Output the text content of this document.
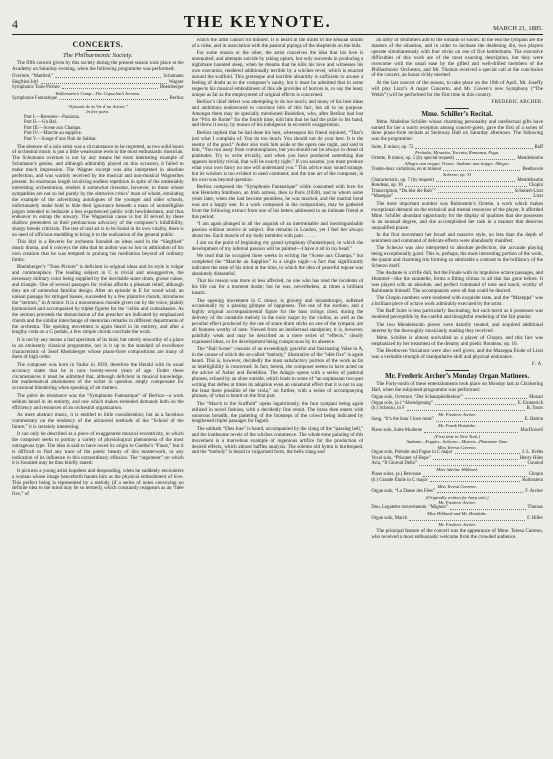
4	THE KEYNOTE.	MARCH 21, 1885.
CONCERTS.
The Philharmonic Society.

The fifth concert given by this society during the present season took place at the Academy on Saturday evening, when the following programme was performed:

Overture, “Manfred,”	Schumann
Siegfried Idyl	Wagner
Symphonic Tone-Picture	Rheinberger
Wallenstein’s Camp—The Capuchin’s Sermon.
Symphonie Fantastique	Berlioz
“Episode de la Vie d’un Artiste.”
In five parts.
Part I.—Reveries—Passions.
Part II.—Un Bal.
Part III.—Scene aux Champs.
Part IV.—Marche au supplice.
Part V.—Songe d’une Nuit de Sabbat.

The absence of a solo artist was a circumstance to be regretted, as two solid hours of orchestral music is just a little wearisome even to the most enthusiastic musician. The Schumann overture is not by any means the most interesting example of Schumann’s genius, and although admirably played on this occasion, it failed to make much impression. The Wagner excerpt was also interpreted in absolute perfection, and was warmly received by the musical and non-musical Wagnerites present. Its enormous length involving endless repetition in spite of the undeniably interesting orchestration, renders it somewhat tiresome, however, to those whose sympathies are not so led purely by the obtrusive critics’ most of whom, emulating the example of the advertising autologues of the younger and older schools, unfortunately make bold to hide their ignorance beneath a mass of unintelligible jargon intended to bedazzle a less experienced public with bewilderment, and thus endeavor to entrap the unwary. The Wagnerian cause is but ill served by these shallow pretenders as their pertinacious advocacy of the composer’s infallibility, sharpy breeds criticism. The test of real art is to be found in its own vitality, there is no need of officious meddling to bring it to the realization of the general public.

This Idyl is a Reverie for orchestra founded on ideas used in the “Siegfried” music drama, and it conveys the idea that its author was so lost in admiration of his own creation that he was tempted to prolong his meditation beyond all ordinary limits.

Rheinberger’s “Tone Picture” is deficient in original ideas and its style is vulgar and commonplace. The leading subject in C is trivial and unsuggestive, the necessary military color being supplied by the inevitable snare drum, grosse caisse, and triangle. One of several passages for violins affords a pleasant relief, although they are of somewhat familiar design. After an episode in E for wood wind, an unison passage for stringed basses, succeeded by a few plaintive chords, introduces the “sermon,” in A minor. It is a monotonous chorale given out by the voice, plainly harmonized and accompanied by triplet figures for the ’cellos and contrabasses. As the sermon proceeds the denunciation of the preacher are indicated by emphasized chords and the similar interchange of stentorian remarks in different departments of the orchestra. The opening movement is again heard in its entirety, and after a lengthy coda on a G pedale, a few simple chords conclude the work.

It is not by any means a bad specimen of its kind, but utterly unworthy of a place in an eminently classical programme, nor is it up to the standard of excellence characteristic of Josef Rheinberger whose piano-forte compositions are many of them of high order.

The composer was born in Vaduz in 1839, therefore the Herald with its usual accuracy states that he is now twenty-seven years of age. Under these circumstances it must be admitted that, although deficient in musical knowledge, the mathematical attainments of the writer in question amply compensate for occasional blundering when speaking of art matters.

The pièce de résistance was the “Symphonie Fantastique” of Berlioz—a work seldom heard in its entirety, and one which makes extended demands both on the efficiency and resources of an orchestral organization.

As mere abstract music, it is entitled to little consideration; but as a facetious commentary on the tendency of the advanced methods of the “School of the future,” it is certainly interesting.

It can only be described as a piece of exaggerated musical eccentricity, in which the composer seeks to portray a variety of physiological phenomena of the most outrageous type. The idea is said to have owed its origin to Goethe’s “Faust,” but it is difficult to find any trace of the poetic beauty of this masterwork, or any indication of its influence in this extraordinary effusion. The “argument” on which it is founded may be thus briefly stated:

It pictures a young artist hopeless and desponding, when he suddenly encounters a woman whose image henceforth haunts him as the physical embodiment of love. This perfect being is represented by a melody (if a series of notes conveying no definite idea to the mind may be so termed), which constantly reappears as an “idée fixe,” of

which the artist cannot rid himself. It is heard in the midst of the sensual strains of a valse, and in association with the pastoral pipings of the shepherds on the hills.

For some reason or the other, the artist conceives the idea that his love is unrequited, and attempts suicide by taking opium, but only succeeds in producing a nightmare haunted sleep, when he dreams that he kills his love and witnesses his own execution, rendered additionally terrible by a witches revel, which is enacted around the scaffold. This grotesque and horrible absurdity is sufficient to arouse a feeling of doubt as to the composer’s sanity, but it must be admitted that in some respects his musical embodiment of this ale provides of horrors is, to say the least, unique as far as the employment of original effects is concerned.

Berlioz’s chief defect was attempting to do too much; and many of his best ideas and ambitions endeavored to convince him of this fact, but all to no purpose. Amongst them may be specially mentioned Boieldieu, who, after Berlioz had lost the “Prix de Rome” for the fourth time, told him that he had the prize in his hand, and threw it away, by reason of his indulgence in eccentric exaggeration.

Berlioz replied that he had done his best, whereupon his friend rejoined, “That’s just what I complain of. You do too much. You should not do your best. It is the enemy of the good.” Auber also took him aside at the opera one night, and said to him, “You run away from commonplaces, but you should not be always in dread of platitudes. Try to write trivially, and when you have produced something that appears horribly trivial, that will be exactly right.” If you assume, you must produce what your own fancy no one will understand you.” This advice may sound strange, but its wisdom is too evident to need comment; and the true art of the composer, in his own was beyond question.

Berlioz composed the “Symphonie Fantastique” while consumed with love for one Henrietta Smithson, an Irish actress, then in Paris (1830), and to whom some years later, when she had become penniless, he was married, and the marital bond was not a happy one. In a work composed in the composition, may be gathered from the following extract from one of his letters addressed to an intimate friend at this period:

“I am again plunged in all the anguish of an interminable and inextinguishable passion without motive or subject. She remains in London, yet I feel her always about me. Each muscle of my body trembles with pain . . . . .

I am on the point of beginning my grand symphony (Fantastique), in which the development of my infernal passion will be painted—I have it all in my head.”

We read that he occupied three weeks in writing the “Scene aux Champs,” but completed the “Marche au Supplice” in a single night—a fact that significantly indicates the state of his mind at the time, to which the idea of peaceful repose was absolutely distasteful.

That his reason was more or less affected, no one who has read the incidents of his life can for a moment doubt; but he was, nevertheless, at times a brilliant lunatic.

The opening movement in C minor, is gloomy and misanthropic, softened occasionally by a passing glimpse of happiness. The use of the sordino, and a highly original accompanimental figure for the bass strings cited, during the delivery of the cantabile melody in the tonic major by the violins, as well as the peculiar effect produced by the use of snare drum sticks on one of the tympani, are all features worthy of note. Viewed from an intellectual standpoint, it is, however, painfully weak and may be described as a mere series of “effects,” clearly expressed ideas, or for development being conspicuous by its absence.

The “Ball Scene” consists of an exceedingly graceful and fascinating Valse in A, in the course of which the so-called “melody,” illustrative of the “idée fixe” is again heard. This is, however, decidedly the most satisfactory portion of the work as far as intelligibility is concerned. In fact, herein, the composer seems to have acted on the advice of Auber and Boieldieu. The Adagio opens with a series of pastoral phrases, echoed by an oboe outside, which leads to some of “an unpleasant two-part writing that defies at times its adoption even an unnatural effect that it is not to say the least there possible of the viola,” on further, with a series of accompanying phrases, of what is heard on the first part.

The “March to the Scaffold” opens lugubriously, the four tympani being again utilized in novel fashion, with a decidedly fine result. The brass then enters with sonorous breadth, the pattering of the footsteps of the crowd being indicated by lengthened triplet passages for fagotti.

The sabbath “Dies Irae” is heard, accompanied by the clang of the “passing bell,” and the loathsome revels of the witches commence. The whole-tone painting of this movement is a marvelous example of ingenious artifice for the production of desired effects, which almost baffles analysis. The solemn old hymn is burlesqued, and the “melody” is heard in vulgarized form, the bells clang and

an army of drummers add to the tornado of sound. In the end the tympani are the masters of the situation, and in order to increase the deafening din, two players operate simultaneously with four sticks on one of five kettledrums. The executive difficulties of this work are of the most exacting description, but they were overcome with the usual ease by the gifted and well-drilled members of the Philharmonic Orchestra, and Mr. Thomas received a special call at the conclusion of the concert, an honor richly merited.

At the last concert of the season, to take place on the 18th of April, Mr. Joseffy will play Liszt’s A major Concerto, and Mr. Cowen’s new Symphony (“The Welsh”) will be performed for the first time in this country.

FREDERIC ARCHER.
Mme. Schiller’s Recital.

Mme. Madeline Schiller whose charming personality and intellectual gifts have earned for her a warm reception among concert-goers, gave the first of a series of three piano-forte recitals at Steinway Hall on Saturday afternoon. The following was the programme:

Suite, E minor, op. 72	Raff
Preludio, Minuetto, Toccata, Romanza, Fuga.
Octette, B minor, op. 5 (by special request)	Mendelssohn
Allegro non troppo. Vivace. Andante non troppo. Allegro.
Trente-deux variations, en ut mineur	Beethoven
Scherzo, op. 31
Characteristic, op. 7 (by request)	Mendelssohn
Rondeau, op. 16	Chopin
Transcription, “Du bist die Ruh’”	Schubert-Liszt
“Mazeppa”	Liszt

The most important number was Rubinstein’s Octette, a work which makes exceptional demand on the technical and mental resources of the player. It afforded Mme. Schiller abundant opportunity for the display of qualities that she possesses in an unusual degree, and she accomplished her task in a manner that deserves unqualified praise.

In the first movement her broad and massive style, no less than the depth of sentiment and command of delicate effects were abundantly manifest.

The Scherzo was also interpreted to absolute perfection, the accurate playing being exceptionally good. This is, perhaps, the most interesting portion of the work, the quaint and charming trio forming so admirable a contrast to the brilliancy of the Scherzo itself.

The Andante is a trifle dull, but the Finale with its impulsive octave passages, and Hummel—like the tarantelle, forms a fitting climax to all that has gone before. It was played with an absolute, and perfect command of tone and touch, worthy of Rubinstein himself. The accompanists were all that could be desired.

The Chopin numbers were rendered with exquisite taste, and the “Mazeppa” was a brilliant piece of octave work admirably executed by the artist.

The Raff Suite is less particularly fascinating, but such merit as it possesses was rendered perceptible by the careful and thoughtful rendering of the fair pianist.

The two Mendelssohn pieces were daintily treated, and acquired additional interest by the thoroughly musicianly reading they received.

Mme. Schiller is almost unrivalled as a player of Chopin, and this fact was emphasized by her treatment of the dreamy and poetic Rondeau, op. 16.

The Beethoven Variations were also well given, and the Mazeppa Étude of Liszt was a veritable triumph of manipulative skill and physical endurance.

F. A.
Mr. Frederic Archer’s Monday Organ Matinees.

The Forty-ninth of these entertainments took place on Monday last at Chickering Hall, when the subjoined programme was performed:

Organ solo, Overture, “Der Schauspieldirektor”	Mozart
Organ solo, (a.) “Abendgesang”	E. Emmerich
(b.) Scherzo, in F	B. Tours
Mr. Frederic Archer.
Song, “It’s the hour I love most”	E. Hatton
Mr. Frank Hotalabe.
Piano solo, Suite Moderne	MacDowell
(First time in New York.)
Andante—Fugato—Scherzo—Marcia—Phantasie Tanz.
Miss Teresa Carreno.
Organ solo, Prelude and Fugue in C major	J. L. Krebs
Vocal solo, “Prisoner of Hope”	Henry Hiles
Aria, “Il Giornal Della”	Gounod
Miss Adeline Hibbard.
Piano solos, (a.) Berceuse	Chopin
(b.) Grande Étude in C major	Rubinstein
Miss Teresa Carreno.
Organ solo, “La Danse des Fées”	F. Archer
(Originally written for harp solo.)
Mr. Frederic Archer.
Duo, Legatetto mouvemente, “Mignon”	Thomas
Miss Hibbard and Mr. Hotalabe.
Organ solo, March	F. Hiller
Mr. Frederic Archer.

The principal feature of the concert was the appearance of Mme. Teresa Carreno, who received a most enthusiastic welcome from the crowded audience.
